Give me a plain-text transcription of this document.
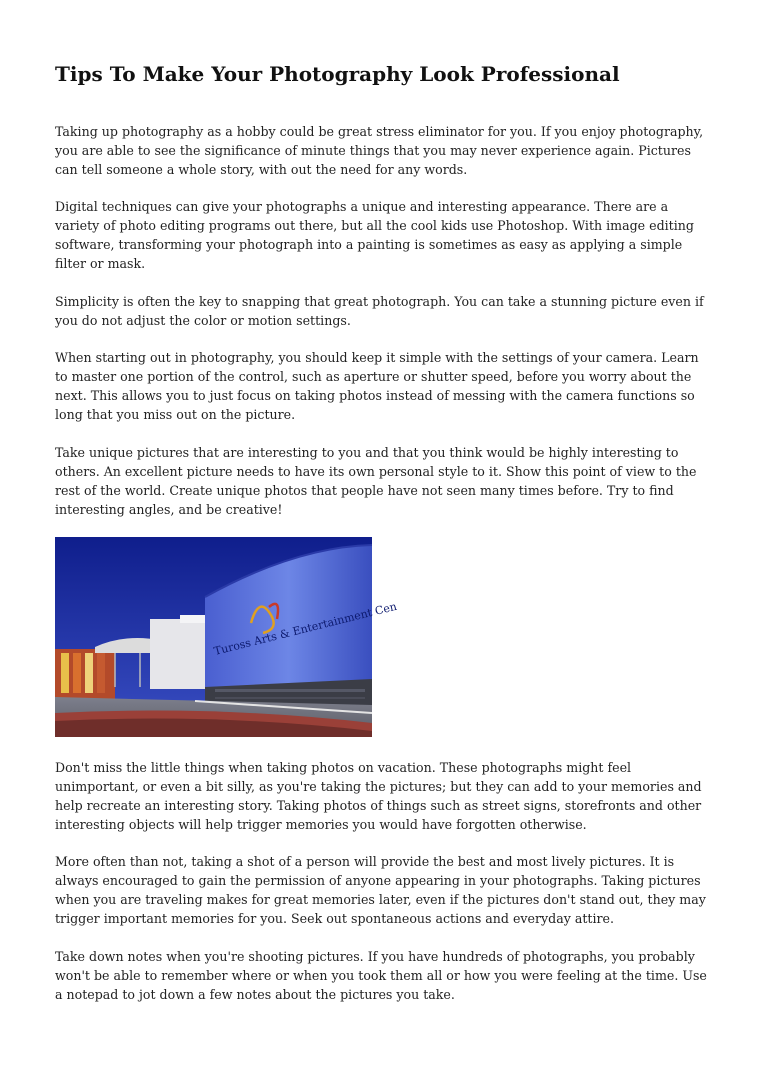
Tips To Make Your Photography Look Professional

Taking up photography as a hobby could be great stress eliminator for you. If you enjoy photography, you are able to see the significance of minute things that you may never experience again. Pictures can tell someone a whole story, with out the need for any words.

Digital techniques can give your photographs a unique and interesting appearance. There are a variety of photo editing programs out there, but all the cool kids use Photoshop. With image editing software, transforming your photograph into a painting is sometimes as easy as applying a simple filter or mask.

Simplicity is often the key to snapping that great photograph. You can take a stunning picture even if you do not adjust the color or motion settings.

When starting out in photography, you should keep it simple with the settings of your camera. Learn to master one portion of the control, such as aperture or shutter speed, before you worry about the next. This allows you to just focus on taking photos instead of messing with the camera functions so long that you miss out on the picture.

Take unique pictures that are interesting to you and that you think would be highly interesting to others. An excellent picture needs to have its own personal style to it. Show this point of view to the rest of the world. Create unique photos that people have not seen many times before. Try to find interesting angles, and be creative!

Tuross Arts & Entertainment Cen

Don't miss the little things when taking photos on vacation. These photographs might feel unimportant, or even a bit silly, as you're taking the pictures; but they can add to your memories and help recreate an interesting story. Taking photos of things such as street signs, storefronts and other interesting objects will help trigger memories you would have forgotten otherwise.

More often than not, taking a shot of a person will provide the best and most lively pictures. It is always encouraged to gain the permission of anyone appearing in your photographs. Taking pictures when you are traveling makes for great memories later, even if the pictures don't stand out, they may trigger important memories for you. Seek out spontaneous actions and everyday attire.

Take down notes when you're shooting pictures. If you have hundreds of photographs, you probably won't be able to remember where or when you took them all or how you were feeling at the time. Use a notepad to jot down a few notes about the pictures you take.
